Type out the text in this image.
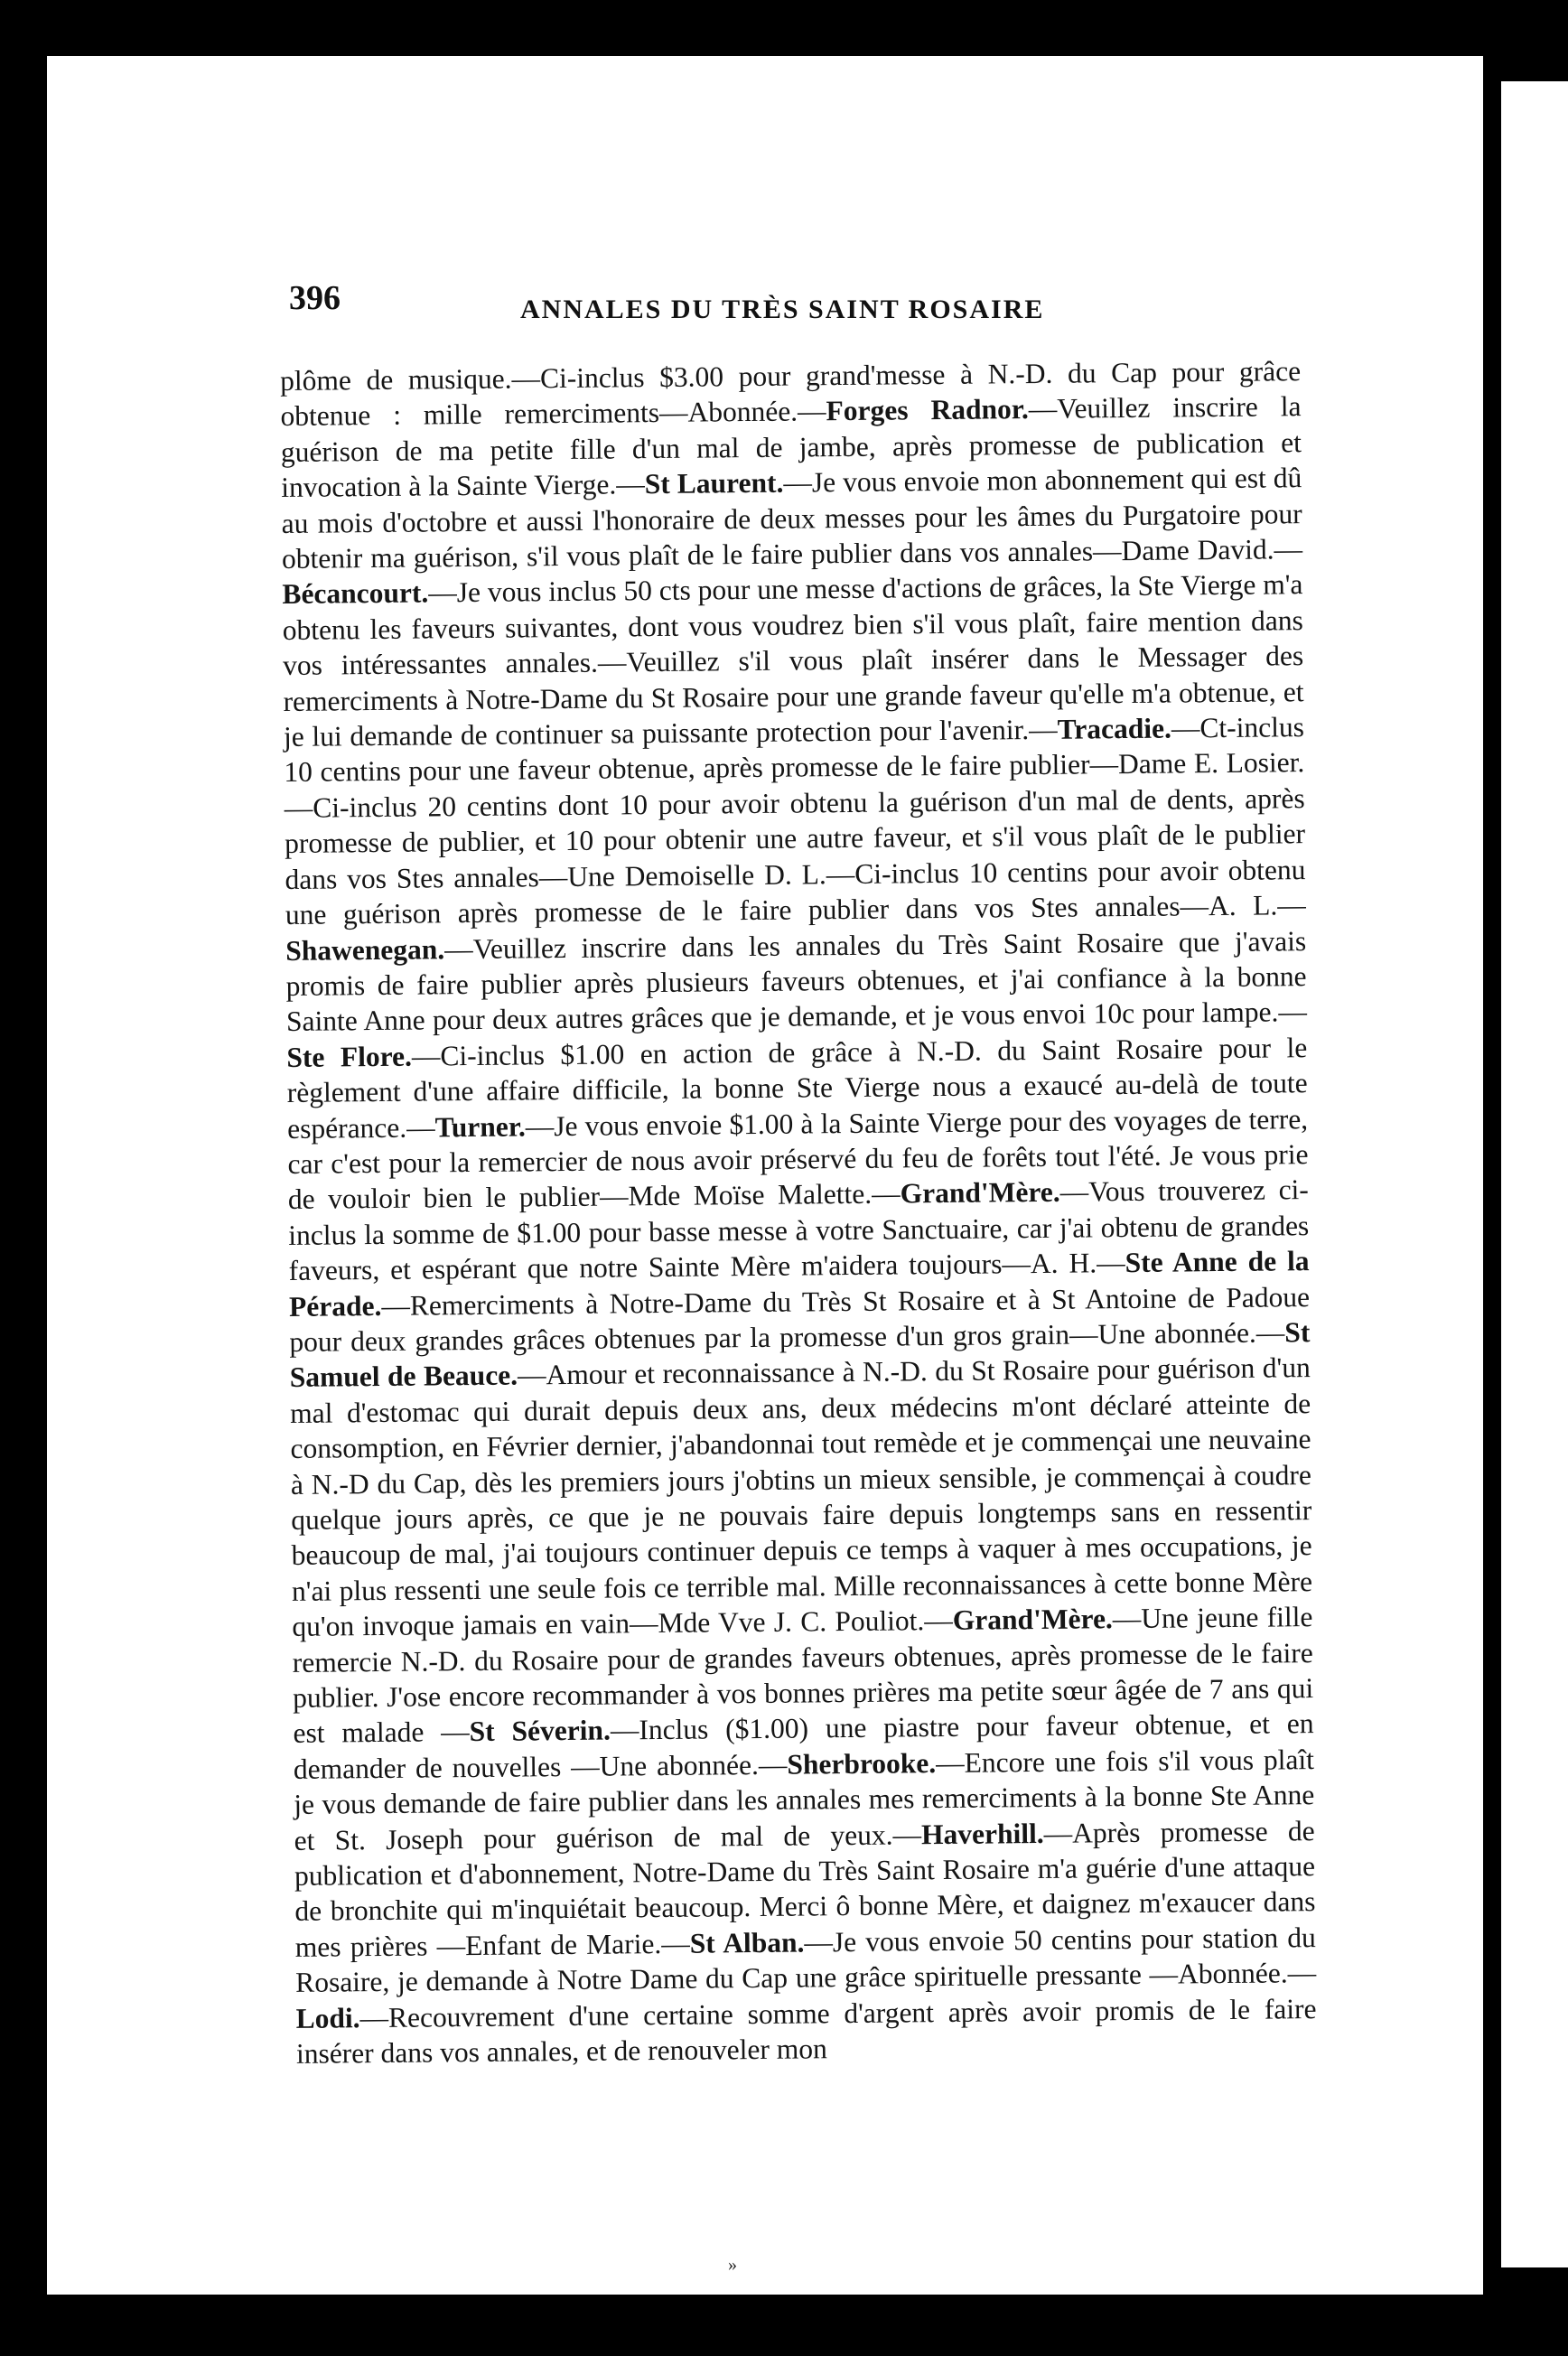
396	ANNALES DU TRÈS SAINT ROSAIRE

plôme de musique.—Ci-inclus $3.00 pour grand'messe à N.-D. du Cap pour grâce obtenue : mille remerciments—Abonnée.—Forges Radnor.—Veuillez inscrire la guérison de ma petite fille d'un mal de jambe, après promesse de publication et invocation à la Sainte Vierge.—St Laurent.—Je vous envoie mon abonnement qui est dû au mois d'octobre et aussi l'honoraire de deux messes pour les âmes du Purgatoire pour obtenir ma guérison, s'il vous plaît de le faire publier dans vos annales—Dame David.—Bécancourt.—Je vous inclus 50 cts pour une messe d'actions de grâces, la Ste Vierge m'a obtenu les faveurs suivantes, dont vous voudrez bien s'il vous plaît, faire mention dans vos intéressantes annales.—Veuillez s'il vous plaît insérer dans le Messager des remerciments à Notre-Dame du St Rosaire pour une grande faveur qu'elle m'a obtenue, et je lui demande de continuer sa puissante protection pour l'avenir.—Tracadie.—Ct-inclus 10 centins pour une faveur obtenue, après promesse de le faire publier—Dame E. Losier.—Ci-inclus 20 centins dont 10 pour avoir obtenu la guérison d'un mal de dents, après promesse de publier, et 10 pour obtenir une autre faveur, et s'il vous plaît de le publier dans vos Stes annales—Une Demoiselle D. L.—Ci-inclus 10 centins pour avoir obtenu une guérison après promesse de le faire publier dans vos Stes annales—A. L.—Shawenegan.—Veuillez inscrire dans les annales du Très Saint Rosaire que j'avais promis de faire publier après plusieurs faveurs obtenues, et j'ai confiance à la bonne Sainte Anne pour deux autres grâces que je demande, et je vous envoi 10c pour lampe.—Ste Flore.—Ci-inclus $1.00 en action de grâce à N.-D. du Saint Rosaire pour le règlement d'une affaire difficile, la bonne Ste Vierge nous a exaucé au-delà de toute espérance.—Turner.—Je vous envoie $1.00 à la Sainte Vierge pour des voyages de terre, car c'est pour la remercier de nous avoir préservé du feu de forêts tout l'été. Je vous prie de vouloir bien le publier—Mde Moïse Malette.—Grand'Mère.—Vous trouverez ci-inclus la somme de $1.00 pour basse messe à votre Sanctuaire, car j'ai obtenu de grandes faveurs, et espérant que notre Sainte Mère m'aidera toujours—A. H.—Ste Anne de la Pérade.—Remerciments à Notre-Dame du Très St Rosaire et à St Antoine de Padoue pour deux grandes grâces obtenues par la promesse d'un gros grain—Une abonnée.—St Samuel de Beauce.—Amour et reconnaissance à N.-D. du St Rosaire pour guérison d'un mal d'estomac qui durait depuis deux ans, deux médecins m'ont déclaré atteinte de consomption, en Février dernier, j'abandonnai tout remède et je commençai une neuvaine à N.-D du Cap, dès les premiers jours j'obtins un mieux sensible, je commençai à coudre quelque jours après, ce que je ne pouvais faire depuis longtemps sans en ressentir beaucoup de mal, j'ai toujours continuer depuis ce temps à vaquer à mes occupations, je n'ai plus ressenti une seule fois ce terrible mal. Mille reconnaissances à cette bonne Mère qu'on invoque jamais en vain—Mde Vve J. C. Pouliot.—Grand'Mère.—Une jeune fille remercie N.-D. du Rosaire pour de grandes faveurs obtenues, après promesse de le faire publier. J'ose encore recommander à vos bonnes prières ma petite sœur âgée de 7 ans qui est malade —St Séverin.—Inclus ($1.00) une piastre pour faveur obtenue, et en demander de nouvelles —Une abonnée.—Sherbrooke.—Encore une fois s'il vous plaît je vous demande de faire publier dans les annales mes remerciments à la bonne Ste Anne et St. Joseph pour guérison de mal de yeux.—Haverhill.—Après promesse de publication et d'abonnement, Notre-Dame du Très Saint Rosaire m'a guérie d'une attaque de bronchite qui m'inquiétait beaucoup. Merci ô bonne Mère, et daignez m'exaucer dans mes prières —Enfant de Marie.—St Alban.—Je vous envoie 50 centins pour station du Rosaire, je demande à Notre Dame du Cap une grâce spirituelle pressante —Abonnée.—Lodi.—Recouvrement d'une certaine somme d'argent après avoir promis de le faire insérer dans vos annales, et de renouveler mon

»
